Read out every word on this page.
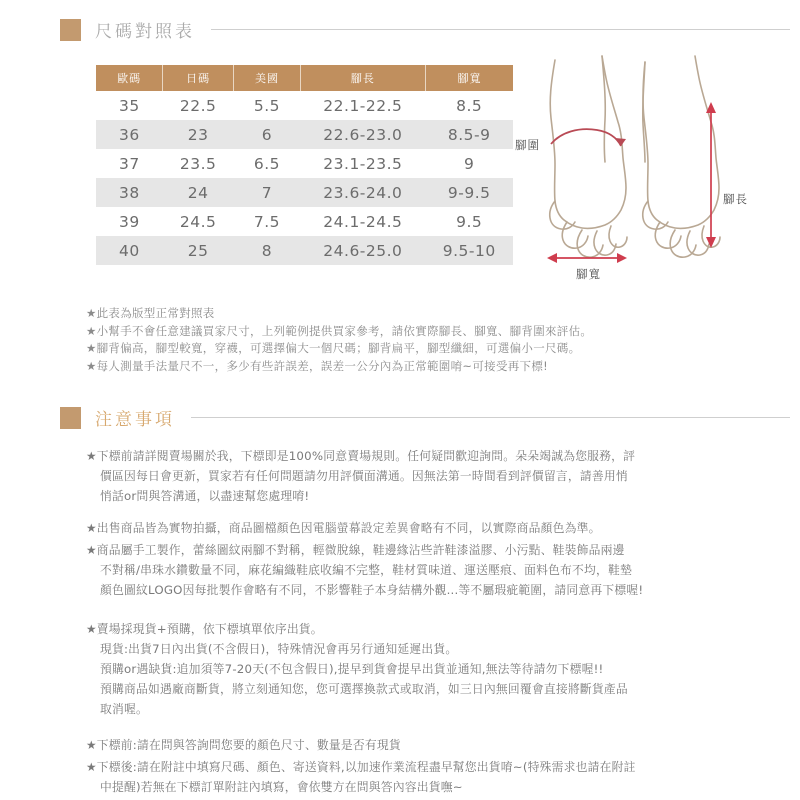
尺碼對照表
歐碼	日碼	美國	腳長	腳寬
35	22.5	5.5	22.1-22.5	8.5
36	23	6	22.6-23.0	8.5-9
37	23.5	6.5	23.1-23.5	9
38	24	7	23.6-24.0	9-9.5
39	24.5	7.5	24.1-24.5	9.5
40	25	8	24.6-25.0	9.5-10
腳圍
腳長
腳寬
★此表為版型正常對照表
★小幫手不會任意建議買家尺寸，上列範例提供買家參考，請依實際腳長、腳寬、腳背圍來評估。
★腳背偏高，腳型較寬，穿襪，可選擇偏大一個尺碼；腳背扁平，腳型纖細，可選偏小一尺碼。
★每人測量手法量尺不一，多少有些許誤差，誤差一公分內為正常範圍唷~可接受再下標!
注意事項
★下標前請詳閱賣場關於我，下標即是100%同意賣場規則。任何疑問歡迎詢問。朵朵竭誠為您服務，評
價區因每日會更新，買家若有任何問題請勿用評價面溝通。因無法第一時間看到評價留言，請善用悄
悄話or問與答溝通，以盡速幫您處理唷!
★出售商品皆為實物拍攝，商品圖檔顏色因電腦螢幕設定差異會略有不同，以實際商品顏色為準。
★商品屬手工製作，蕾絲圖紋兩腳不對稱，輕微脫線，鞋邊緣沾些許鞋漆溢膠、小污點、鞋裝飾品兩邊
不對稱/串珠水鑽數量不同，麻花編織鞋底收編不完整，鞋材質味道、運送壓痕、面料色布不均，鞋墊
顏色圖紋LOGO因每批製作會略有不同，不影響鞋子本身結構外觀...等不屬瑕疵範圍，請同意再下標喔!
★賣場採現貨+預購，依下標填單依序出貨。
現貨:出貨7日內出貨(不含假日)，特殊情況會再另行通知延遲出貨。
預購or遇缺貨:追加須等7-20天(不包含假日),提早到貨會提早出貨並通知,無法等待請勿下標喔!!
預購商品如遇廠商斷貨，將立刻通知您，您可選擇換款式或取消，如三日內無回覆會直接將斷貨產品
取消喔。
★下標前:請在問與答詢問您要的顏色尺寸、數量是否有現貨
★下標後:請在附註中填寫尺碼、顏色、寄送資料,以加速作業流程盡早幫您出貨唷~(特殊需求也請在附註
中提醒)若無在下標訂單附註內填寫，會依雙方在問與答內容出貨嘸~
